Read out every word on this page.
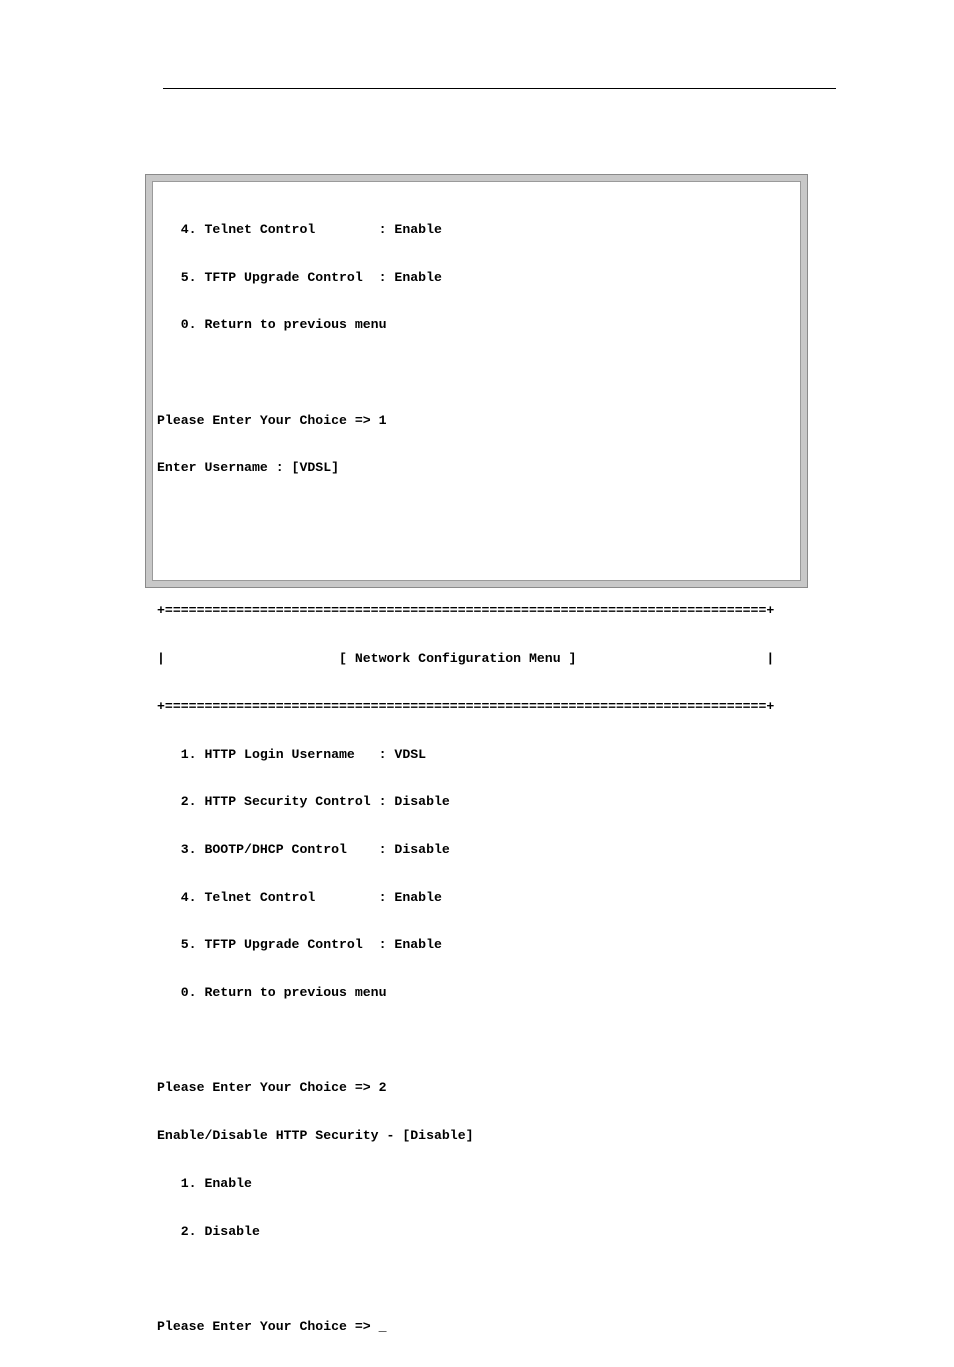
4. Telnet Control        : Enable

5. TFTP Upgrade Control  : Enable

0. Return to previous menu

Please Enter Your Choice => 1

Enter Username : [VDSL]

+============================================================================+

|                      [ Network Configuration Menu ]                        |

+============================================================================+

1. HTTP Login Username   : VDSL

2. HTTP Security Control : Disable

3. BOOTP/DHCP Control    : Disable

4. Telnet Control        : Enable

5. TFTP Upgrade Control  : Enable

0. Return to previous menu

Please Enter Your Choice => 2

Enable/Disable HTTP Security - [Disable]

1. Enable

2. Disable

Please Enter Your Choice => _
